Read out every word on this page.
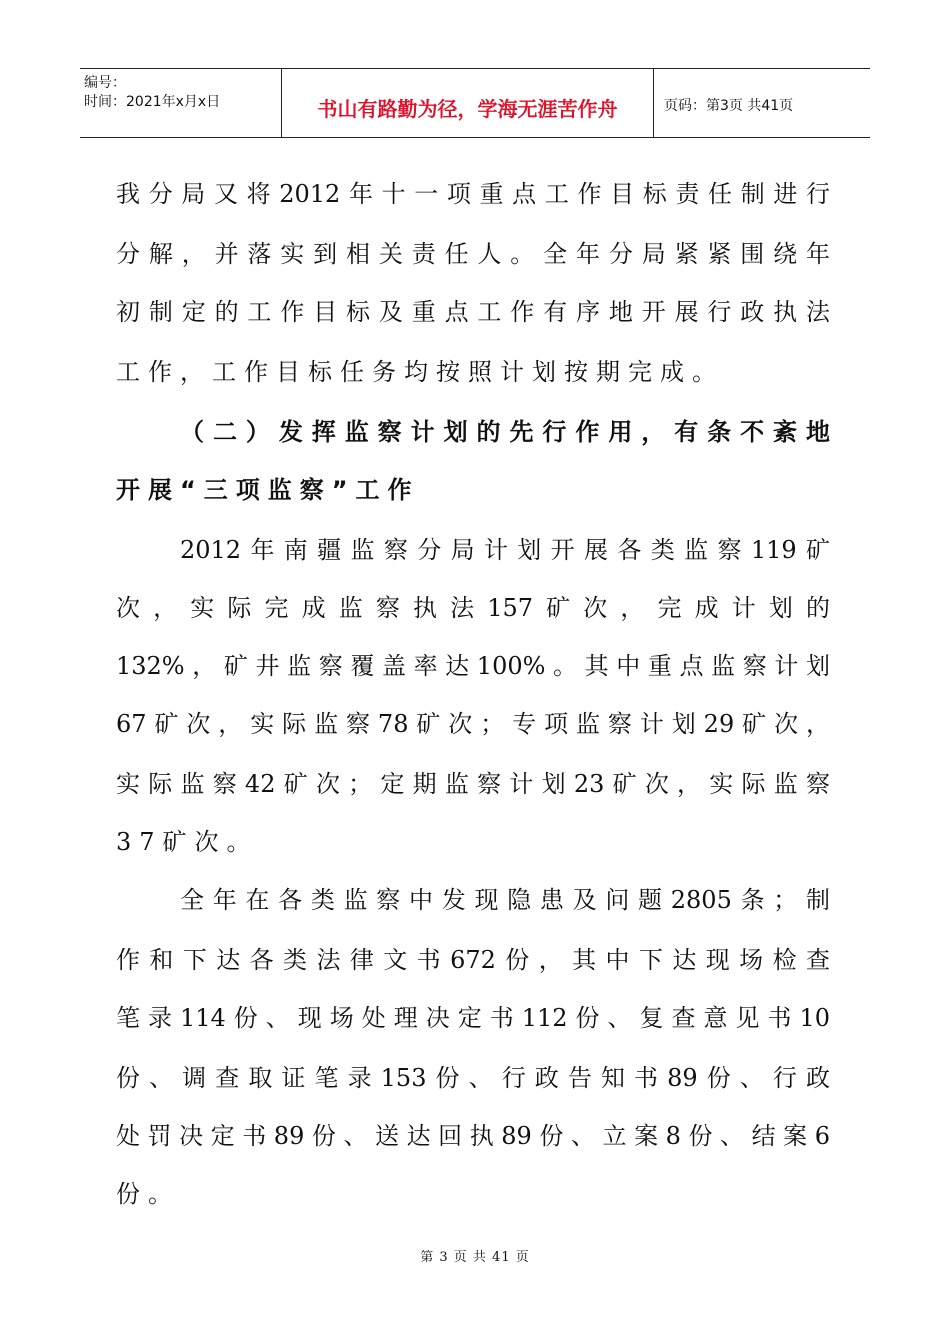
编号：
时间：2021年x月x日	书山有路勤为径，学海无涯苦作舟	页码：第3页 共41页
我分局又将2012年十一项重点工作目标责任制进行
分解，并落实到相关责任人。全年分局紧紧围绕年
初制定的工作目标及重点工作有序地开展行政执法
工作，工作目标任务均按照计划按期完成。
（二）发挥监察计划的先行作用，有条不紊地
开展“三项监察”工作
2012年南疆监察分局计划开展各类监察119矿
次，实际完成监察执法157矿次，完成计划的
132%，矿井监察覆盖率达100%。其中重点监察计划
67矿次，实际监察78矿次；专项监察计划29矿次，
实际监察42矿次；定期监察计划23矿次，实际监察
37矿次。
全年在各类监察中发现隐患及问题2805条；制
作和下达各类法律文书672份，其中下达现场检查
笔录114份、现场处理决定书112份、复查意见书10
份、调查取证笔录153份、行政告知书89份、行政
处罚决定书89份、送达回执89份、立案8份、结案6
份。
第 3 页 共 41 页
